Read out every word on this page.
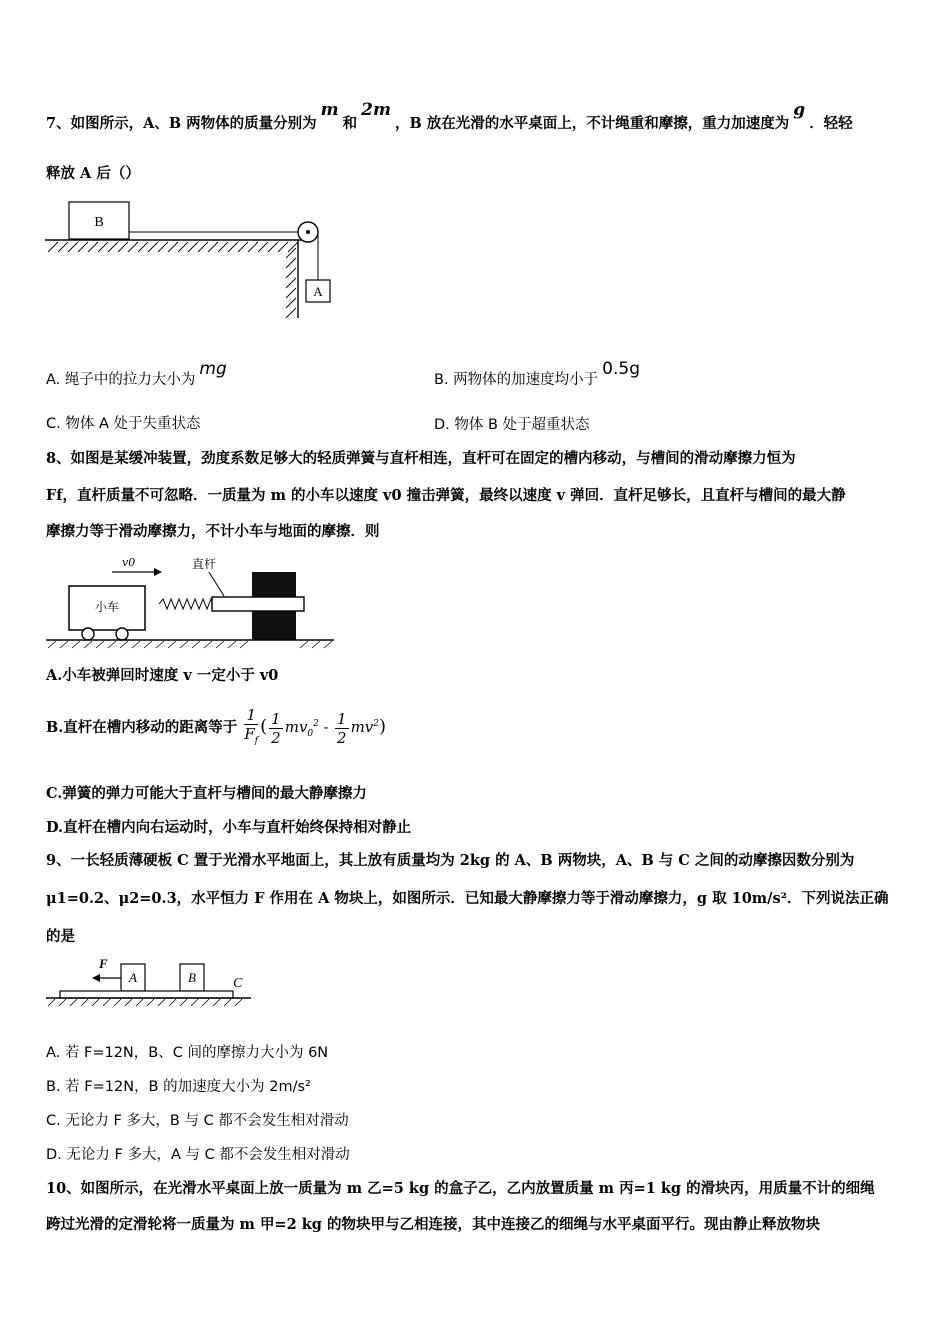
7、如图所示，A、B 两物体的质量分别为m和2m，B 放在光滑的水平桌面上，不计绳重和摩擦，重力加速度为g．轻轻
释放 A 后（）
B
A
A. 绳子中的拉力大小为mg
B. 两物体的加速度均小于0.5g
C. 物体 A 处于失重状态	D. 物体 B 处于超重状态
8、如图是某缓冲装置，劲度系数足够大的轻质弹簧与直杆相连，直杆可在固定的槽内移动，与槽间的滑动摩擦力恒为
Ff，直杆质量不可忽略．一质量为 m 的小车以速度 v0 撞击弹簧，最终以速度 v 弹回．直杆足够长，且直杆与槽间的最大静
摩擦力等于滑动摩擦力，不计小车与地面的摩擦．则
v0	直杆
小车
A.小车被弹回时速度 v 一定小于 v0
B.直杆在槽内移动的距离等于 $\frac{1}{F_f}$ ( $\frac{1}{2} mv_0^2 - \frac{1}{2} mv^2$)
C.弹簧的弹力可能大于直杆与槽间的最大静摩擦力
D.直杆在槽内向右运动时，小车与直杆始终保持相对静止
9、一长轻质薄硬板 C 置于光滑水平地面上，其上放有质量均为 2kg 的 A、B 两物块，A、B 与 C 之间的动摩擦因数分别为
μ1=0.2、μ2=0.3，水平恒力 F 作用在 A 物块上，如图所示．已知最大静摩擦力等于滑动摩擦力，g 取 10m/s²．下列说法正确
的是
F
A	B	C
A. 若 F=12N，B、C 间的摩擦力大小为 6N
B. 若 F=12N，B 的加速度大小为 2m/s²
C. 无论力 F 多大，B 与 C 都不会发生相对滑动
D. 无论力 F 多大，A 与 C 都不会发生相对滑动
10、如图所示，在光滑水平桌面上放一质量为 m 乙=5 kg 的盒子乙，乙内放置质量 m 丙=1 kg 的滑块丙，用质量不计的细绳
跨过光滑的定滑轮将一质量为 m 甲=2 kg 的物块甲与乙相连接，其中连接乙的细绳与水平桌面平行。现由静止释放物块
